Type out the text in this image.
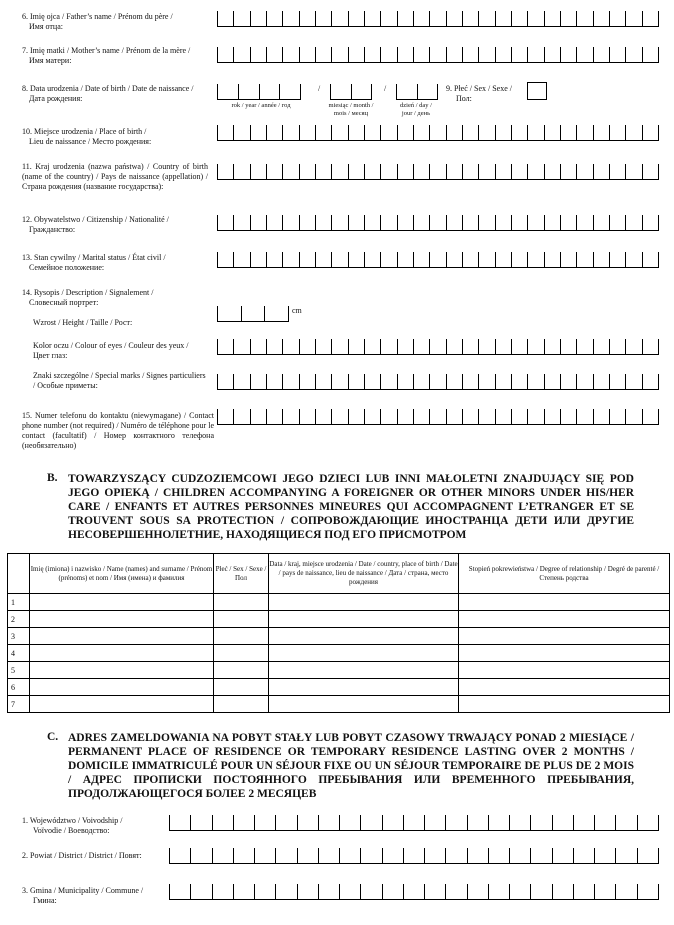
6. Imię ojca / Father’s name / Prénom du père /
Имя отца:
7. Imię matki / Mother’s name / Prénom de la mère /
Имя матери:
8. Data urodzenia / Date of birth / Date de naissance /
Дата рождения:
/	/
rok / year / année / год	miesiąc / month / mois / месяц
dzień / day / jour / день
9. Płeć / Sex / Sexe /
Пол:
10. Miejsce urodzenia / Place of birth /
Lieu de naissance / Место рождения:
11. Kraj urodzenia (nazwa państwa) / Country of birth (name of the country) / Pays de naissance (appellation) / Страна рождения (название государства):
12. Obywatelstwo / Citizenship / Nationalité /
Гражданство:
13. Stan cywilny / Marital status / État civil /
Семейное положение:
14. Rysopis / Description / Signalement /
Словесный портрет:
Wzrost / Height / Taille / Рост:
cm
Kolor oczu / Colour of eyes / Couleur des yeux /
Цвет глаз:
Znaki szczególne / Special marks / Signes particuliers / Особые приметы:
15. Numer telefonu do kontaktu (niewymagane) / Contact phone number (not required) / Numéro de téléphone pour le contact (facultatif) / Номер контактного телефона (необязательно)
B. TOWARZYSZĄCY CUDZOZIEMCOWI JEGO DZIECI LUB INNI MAŁOLETNI ZNAJDUJĄCY SIĘ POD JEGO OPIEKĄ / CHILDREN ACCOMPANYING A FOREIGNER OR OTHER MINORS UNDER HIS/HER CARE / ENFANTS ET AUTRES PERSONNES MINEURES QUI ACCOMPAGNENT L’ETRANGER ET SE TROUVENT SOUS SA PROTECTION / СОПРОВОЖДАЮЩИЕ ИНОСТРАНЦА ДЕТИ ИЛИ ДРУГИЕ НЕСОВЕРШЕННОЛЕТНИЕ, НАХОДЯЩИЕСЯ ПОД ЕГО ПРИСМОТРОМ
	Imię (imiona) i nazwisko / Name (names) and surname / Prénom (prénoms) et nom / Имя (имена) и фамилия	Płeć / Sex / Sexe / Пол	Data / kraj, miejsce urodzenia / Date / country, place of birth / Date / pays de naissance, lieu de naissance / Дата / страна, место рождения	Stopień pokrewieństwa / Degree of relationship / Degré de parenté / Степень родства
1				
2				
3				
4				
5				
6				
7				
C. ADRES ZAMELDOWANIA NA POBYT STAŁY LUB POBYT CZASOWY TRWAJĄCY PONAD 2 MIESIĄCE / PERMANENT PLACE OF RESIDENCE OR TEMPORARY RESIDENCE LASTING OVER 2 MONTHS / DOMICILE IMMATRICULÉ POUR UN SÉJOUR FIXE OU UN SÉJOUR TEMPORAIRE DE PLUS DE 2 MOIS / АДРЕС ПРОПИСКИ ПОСТОЯННОГО ПРЕБЫВАНИЯ ИЛИ ВРЕМЕННОГО ПРЕБЫВАНИЯ, ПРОДОЛЖАЮЩЕГОСЯ БОЛЕЕ 2 МЕСЯЦЕВ
1. Województwo / Voivodship /
Voïvodie / Воеводство:
2. Powiat / District / District / Повят:
3. Gmina / Municipality / Commune /
Гмина:
